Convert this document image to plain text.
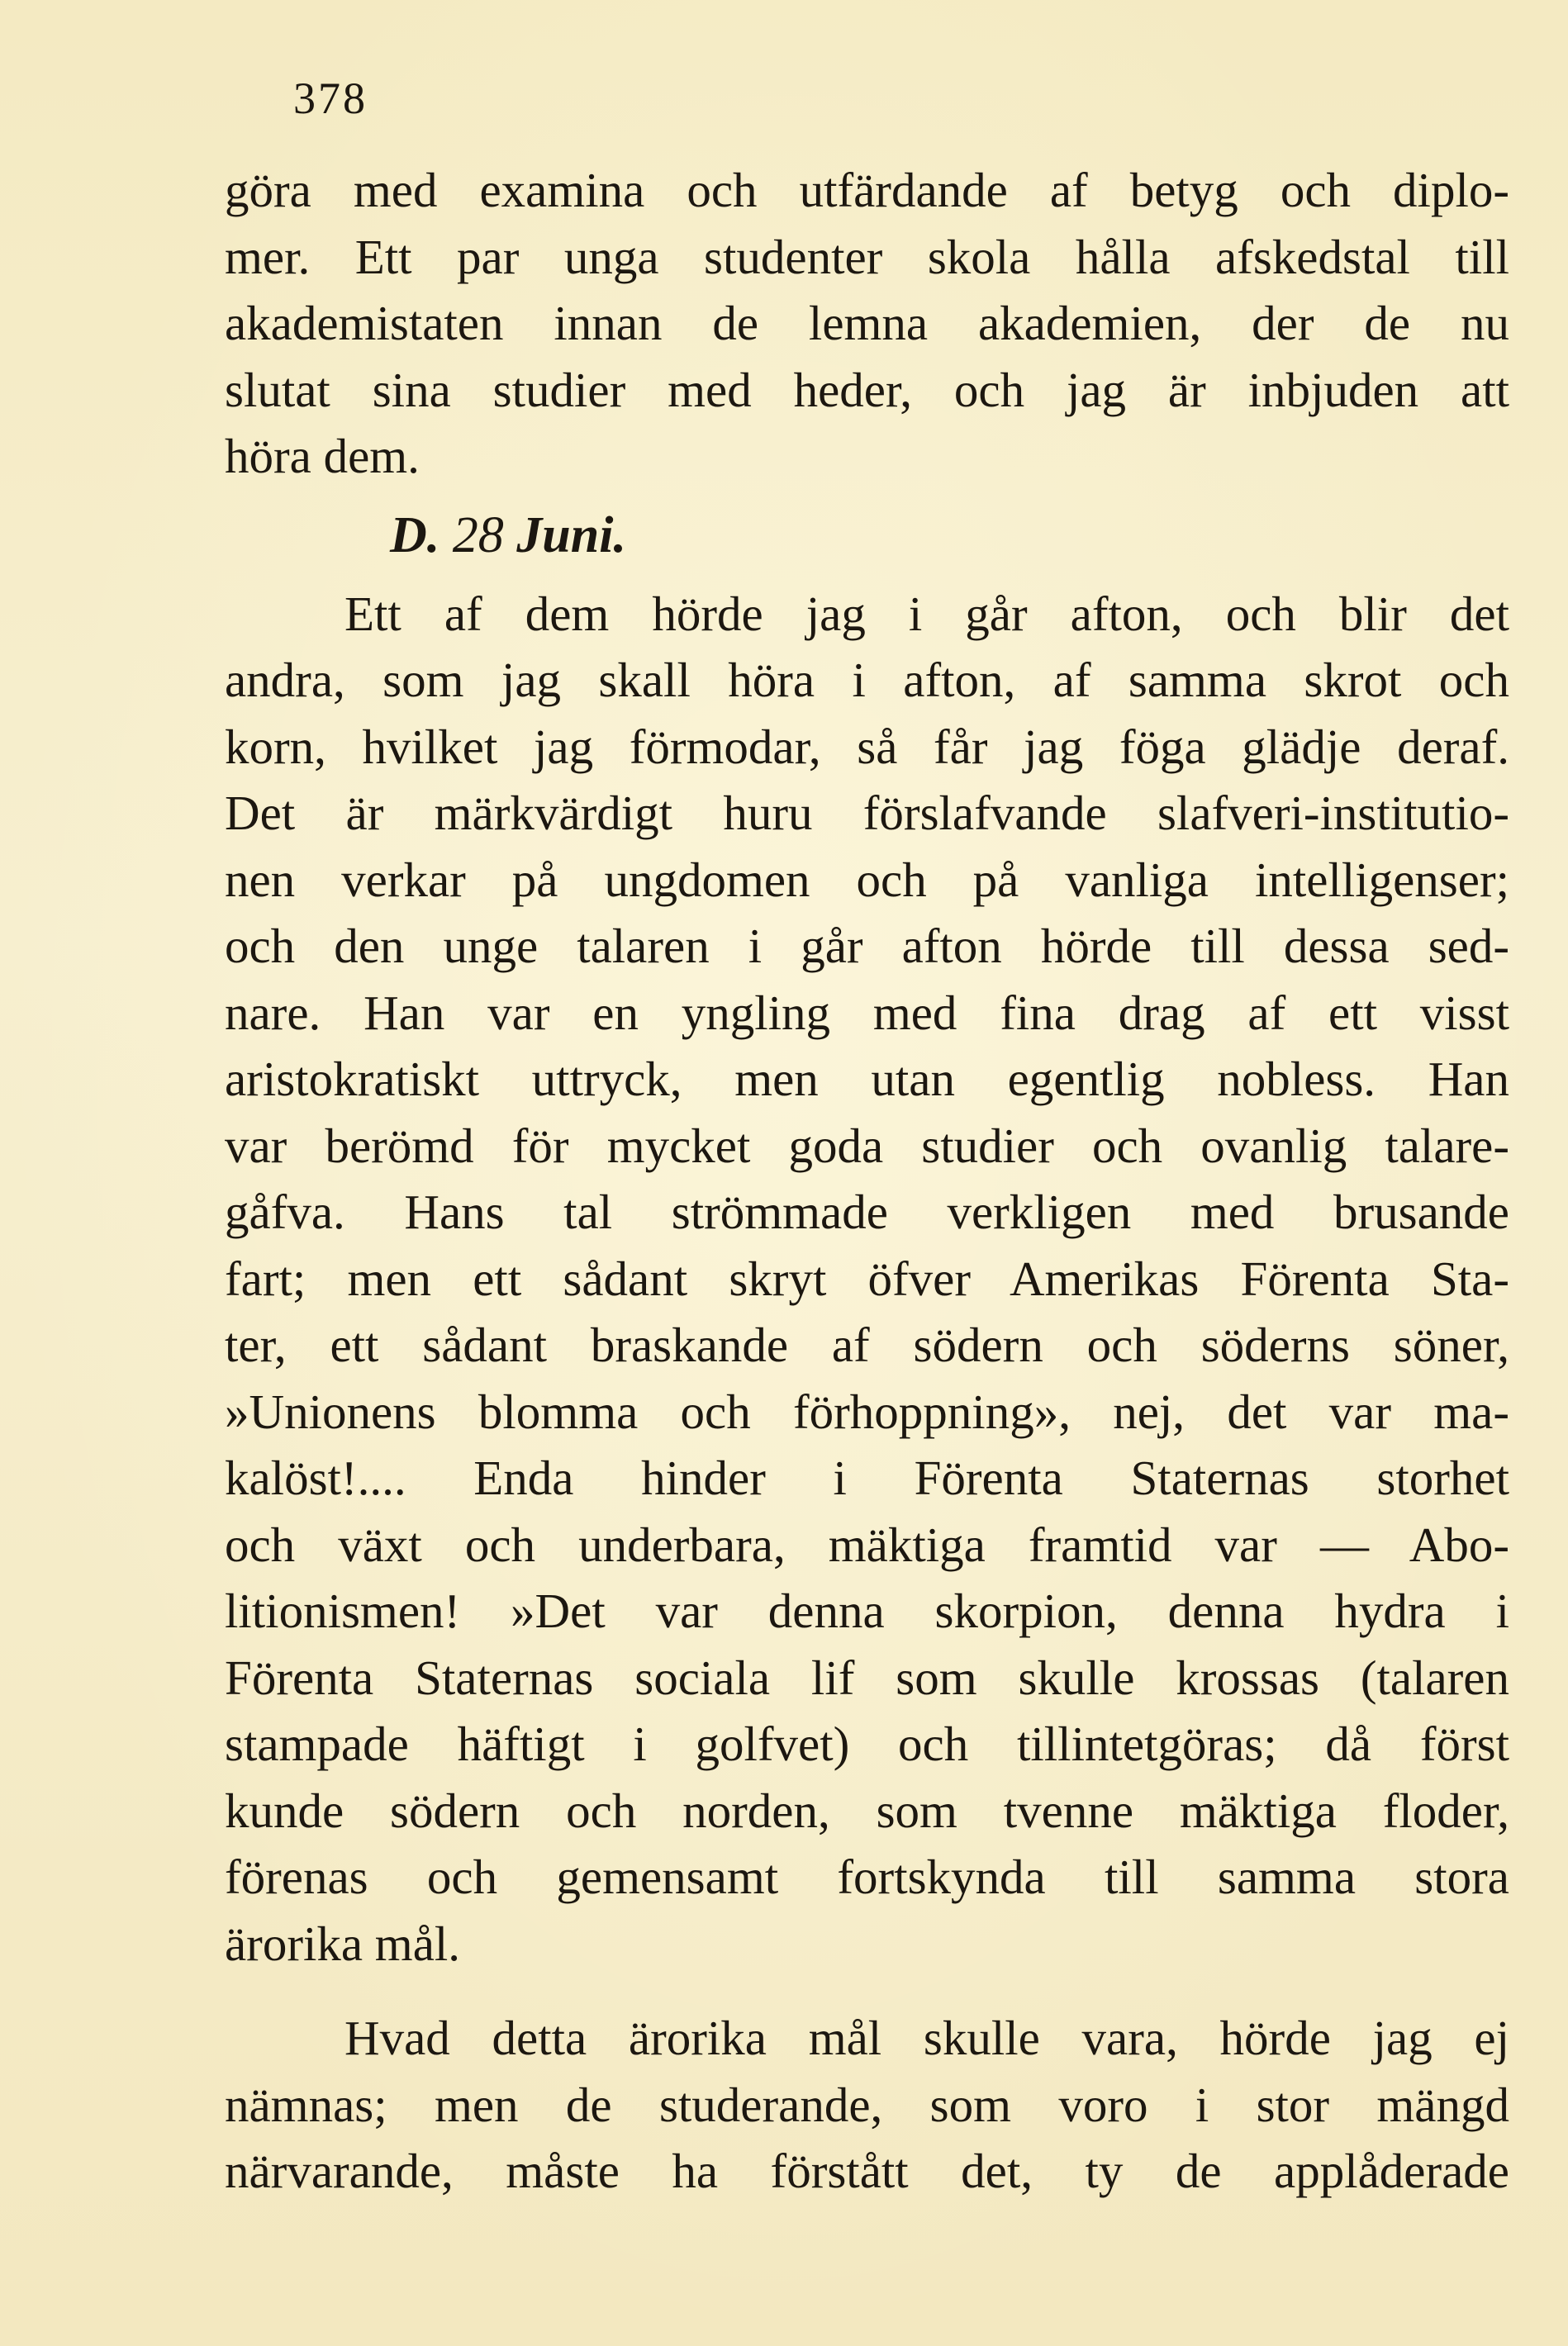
378
göra med examina och utfärdande af betyg och diplo-
mer. Ett par unga studenter skola hålla afskedstal till
akademistaten innan de lemna akademien, der de nu
slutat sina studier med heder, och jag är inbjuden att
höra dem.
D. 28 Juni.
Ett af dem hörde jag i går afton, och blir det
andra, som jag skall höra i afton, af samma skrot och
korn, hvilket jag förmodar, så får jag föga glädje deraf.
Det är märkvärdigt huru förslafvande slafveri-institutio-
nen verkar på ungdomen och på vanliga intelligenser;
och den unge talaren i går afton hörde till dessa sed-
nare. Han var en yngling med fina drag af ett visst
aristokratiskt uttryck, men utan egentlig nobless. Han
var berömd för mycket goda studier och ovanlig talare-
gåfva. Hans tal strömmade verkligen med brusande
fart; men ett sådant skryt öfver Amerikas Förenta Sta-
ter, ett sådant braskande af södern och söderns söner,
»Unionens blomma och förhoppning», nej, det var ma-
kalöst!.... Enda hinder i Förenta Staternas storhet
och växt och underbara, mäktiga framtid var — Abo-
litionismen! »Det var denna skorpion, denna hydra i
Förenta Staternas sociala lif som skulle krossas (talaren
stampade häftigt i golfvet) och tillintetgöras; då först
kunde södern och norden, som tvenne mäktiga floder,
förenas och gemensamt fortskynda till samma stora
ärorika mål.
Hvad detta ärorika mål skulle vara, hörde jag ej
nämnas; men de studerande, som voro i stor mängd
närvarande, måste ha förstått det, ty de applåderade
